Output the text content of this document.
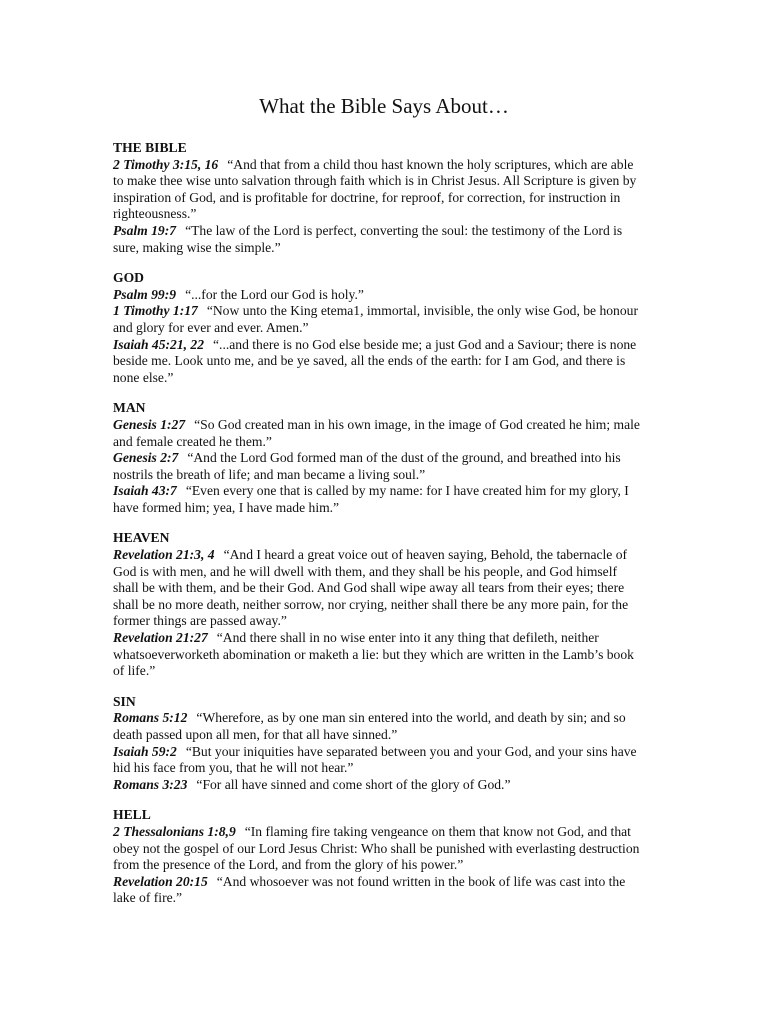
What the Bible Says About…

THE BIBLE

2 Timothy 3:15, 16 “And that from a child thou hast known the holy scriptures, which are able to make thee wise unto salvation through faith which is in Christ Jesus. All Scripture is given by inspiration of God, and is profitable for doctrine, for reproof, for correction, for instruction in righteousness.”

Psalm 19:7 “The law of the Lord is perfect, converting the soul: the testimony of the Lord is sure, making wise the simple.”

GOD

Psalm 99:9 “...for the Lord our God is holy.”

1 Timothy 1:17 “Now unto the King etema1, immortal, invisible, the only wise God, be honour and glory for ever and ever. Amen.”

Isaiah 45:21, 22 “...and there is no God else beside me; a just God and a Saviour; there is none beside me. Look unto me, and be ye saved, all the ends of the earth: for I am God, and there is none else.”

MAN

Genesis 1:27 “So God created man in his own image, in the image of God created he him; male and female created he them.”

Genesis 2:7 “And the Lord God formed man of the dust of the ground, and breathed into his nostrils the breath of life; and man became a living soul.”

Isaiah 43:7 “Even every one that is called by my name: for I have created him for my glory, I have formed him; yea, I have made him.”

HEAVEN

Revelation 21:3, 4 “And I heard a great voice out of heaven saying, Behold, the tabernacle of God is with men, and he will dwell with them, and they shall be his people, and God himself shall be with them, and be their God. And God shall wipe away all tears from their eyes; there shall be no more death, neither sorrow, nor crying, neither shall there be any more pain, for the former things are passed away.”

Revelation 21:27 “And there shall in no wise enter into it any thing that defileth, neither whatsoeverworketh abomination or maketh a lie: but they which are written in the Lamb’s book of life.”

SIN

Romans 5:12 “Wherefore, as by one man sin entered into the world, and death by sin; and so death passed upon all men, for that all have sinned.”

Isaiah 59:2 “But your iniquities have separated between you and your God, and your sins have hid his face from you, that he will not hear.”

Romans 3:23 “For all have sinned and come short of the glory of God.”

HELL

2 Thessalonians 1:8,9 “In flaming fire taking vengeance on them that know not God, and that obey not the gospel of our Lord Jesus Christ: Who shall be punished with everlasting destruction from the presence of the Lord, and from the glory of his power.”

Revelation 20:15 “And whosoever was not found written in the book of life was cast into the lake of fire.”
